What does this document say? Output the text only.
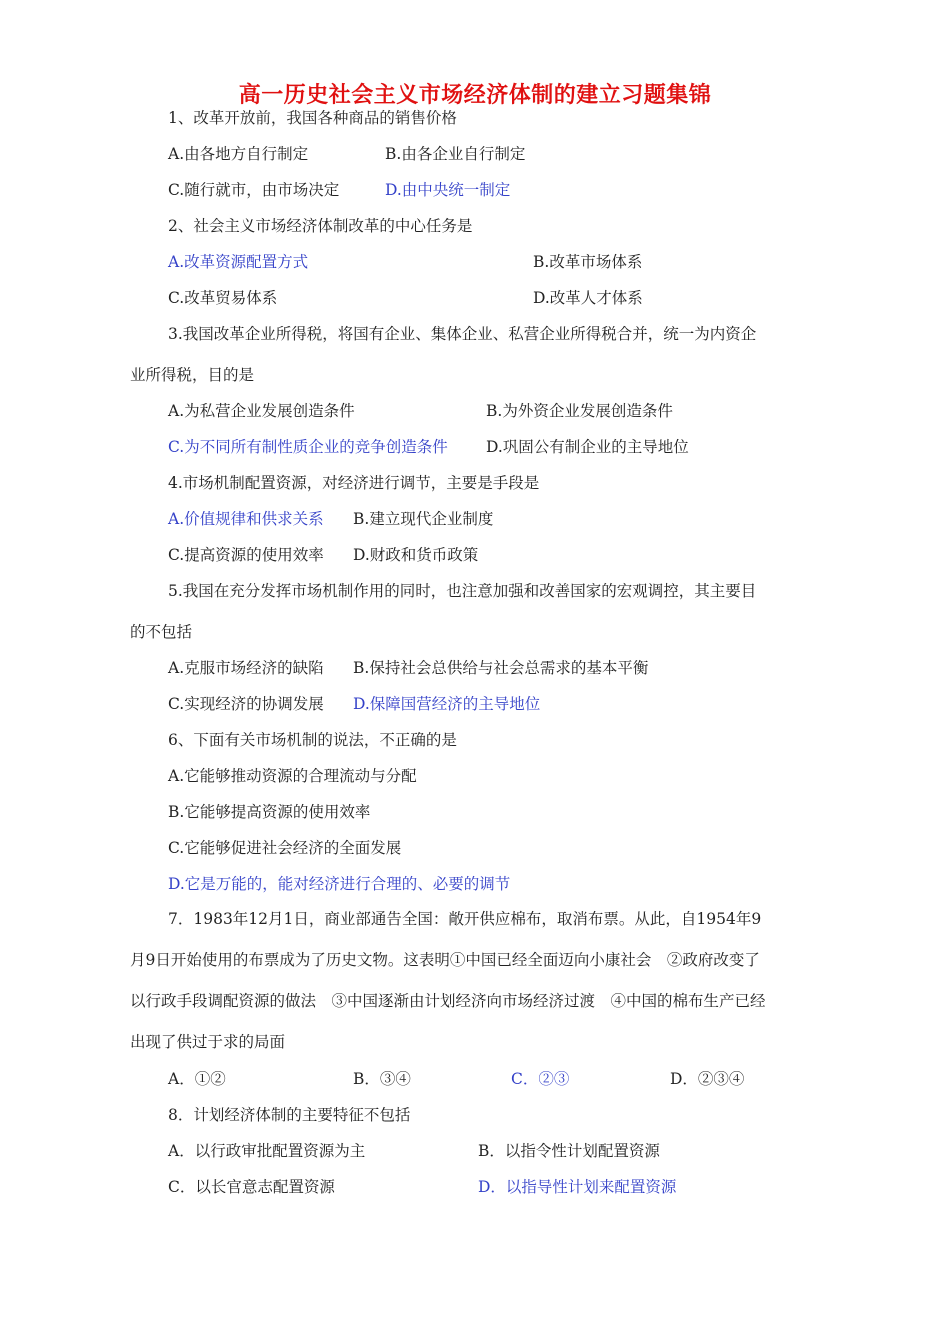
高一历史社会主义市场经济体制的建立习题集锦
1、改革开放前，我国各种商品的销售价格
A.由各地方自行制定	B.由各企业自行制定
C.随行就市，由市场决定	D.由中央统一制定
2、社会主义市场经济体制改革的中心任务是
A.改革资源配置方式	B.改革市场体系
C.改革贸易体系	D.改革人才体系
3.我国改革企业所得税，将国有企业、集体企业、私营企业所得税合并，统一为内资企
业所得税，目的是
A.为私营企业发展创造条件	B.为外资企业发展创造条件
C.为不同所有制性质企业的竞争创造条件 D.巩固公有制企业的主导地位
4.市场机制配置资源，对经济进行调节，主要是手段是
A.价值规律和供求关系 B.建立现代企业制度
C.提高资源的使用效率 D.财政和货币政策
5.我国在充分发挥市场机制作用的同时，也注意加强和改善国家的宏观调控，其主要目
的不包括
A.克服市场经济的缺陷 B.保持社会总供给与社会总需求的基本平衡
C.实现经济的协调发展 D.保障国营经济的主导地位
6、下面有关市场机制的说法，不正确的是
A.它能够推动资源的合理流动与分配
B.它能够提高资源的使用效率
C.它能够促进社会经济的全面发展
D.它是万能的，能对经济进行合理的、必要的调节
7．1983年12月1日，商业部通告全国：敞开供应棉布，取消布票。从此，自1954年9
月9日开始使用的布票成为了历史文物。这表明①中国已经全面迈向小康社会　②政府改变了
以行政手段调配资源的做法　③中国逐渐由计划经济向市场经济过渡　④中国的棉布生产已经
出现了供过于求的局面
A．①②	B．③④	C．②③	D．②③④
8．计划经济体制的主要特征不包括
A．以行政审批配置资源为主	B．以指令性计划配置资源
C．以长官意志配置资源	D．以指导性计划来配置资源
